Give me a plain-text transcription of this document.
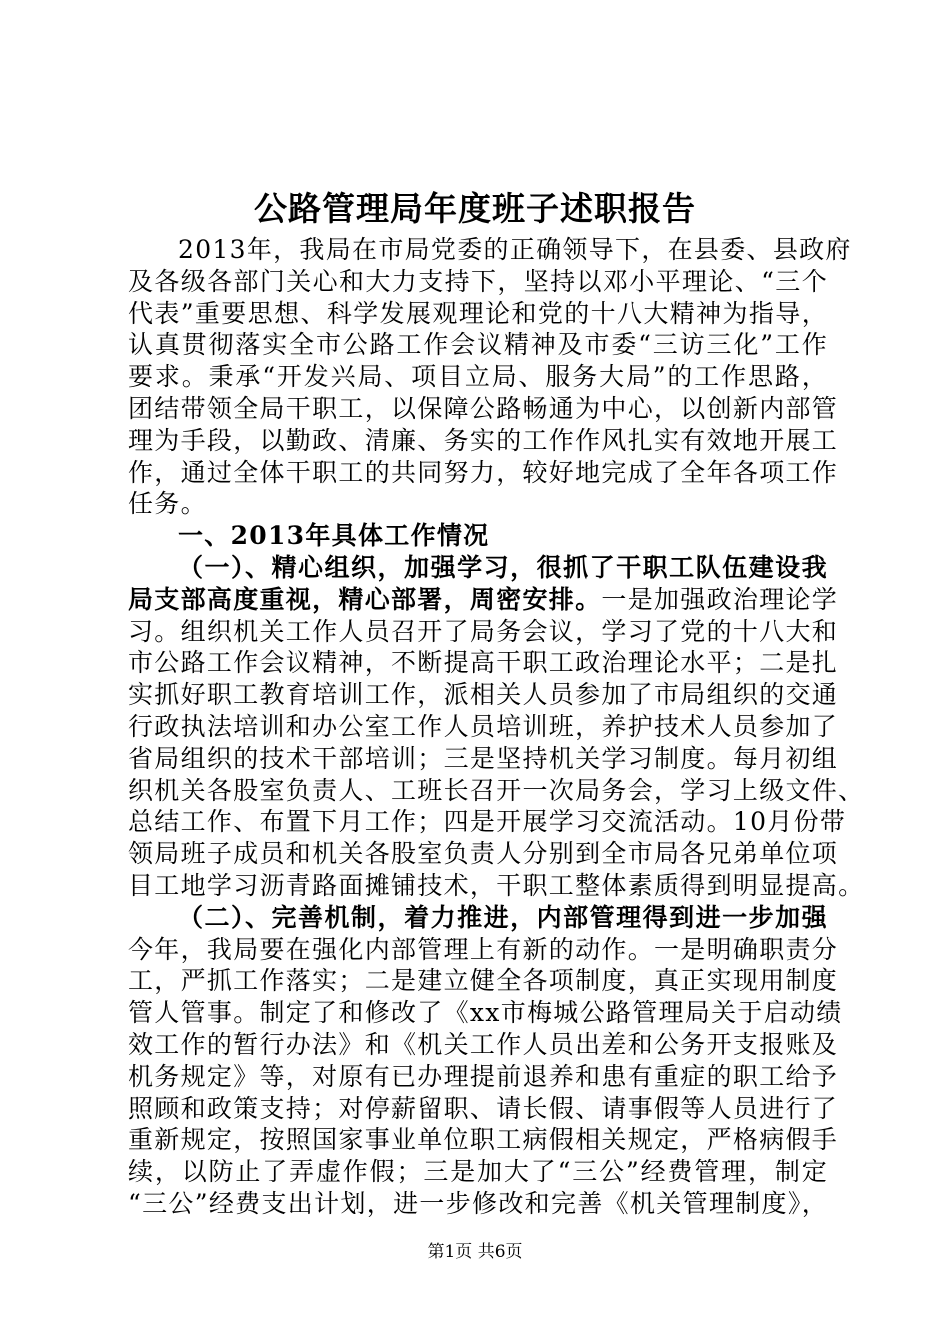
公路管理局年度班子述职报告
2013年，我局在市局党委的正确领导下，在县委、县政府
及各级各部门关心和大力支持下，坚持以邓小平理论、“三个
代表”重要思想、科学发展观理论和党的十八大精神为指导，
认真贯彻落实全市公路工作会议精神及市委“三访三化”工作
要求。秉承“开发兴局、项目立局、服务大局”的工作思路，
团结带领全局干职工，以保障公路畅通为中心，以创新内部管
理为手段，以勤政、清廉、务实的工作作风扎实有效地开展工
作，通过全体干职工的共同努力，较好地完成了全年各项工作
任务。
一、2013年具体工作情况
（一）、精心组织，加强学习，很抓了干职工队伍建设我
局支部高度重视，精心部署，周密安排。一是加强政治理论学
习。组织机关工作人员召开了局务会议，学习了党的十八大和
市公路工作会议精神，不断提高干职工政治理论水平；二是扎
实抓好职工教育培训工作，派相关人员参加了市局组织的交通
行政执法培训和办公室工作人员培训班，养护技术人员参加了
省局组织的技术干部培训；三是坚持机关学习制度。每月初组
织机关各股室负责人、工班长召开一次局务会，学习上级文件、
总结工作、布置下月工作；四是开展学习交流活动。10月份带
领局班子成员和机关各股室负责人分别到全市局各兄弟单位项
目工地学习沥青路面摊铺技术，干职工整体素质得到明显提高。
（二）、完善机制，着力推进，内部管理得到进一步加强
今年，我局要在强化内部管理上有新的动作。一是明确职责分
工，严抓工作落实；二是建立健全各项制度，真正实现用制度
管人管事。制定了和修改了《xx市梅城公路管理局关于启动绩
效工作的暂行办法》和《机关工作人员出差和公务开支报账及
机务规定》等，对原有已办理提前退养和患有重症的职工给予
照顾和政策支持；对停薪留职、请长假、请事假等人员进行了
重新规定，按照国家事业单位职工病假相关规定，严格病假手
续，以防止了弄虚作假；三是加大了“三公”经费管理，制定
“三公”经费支出计划，进一步修改和完善《机关管理制度》，
第1页 共6页
